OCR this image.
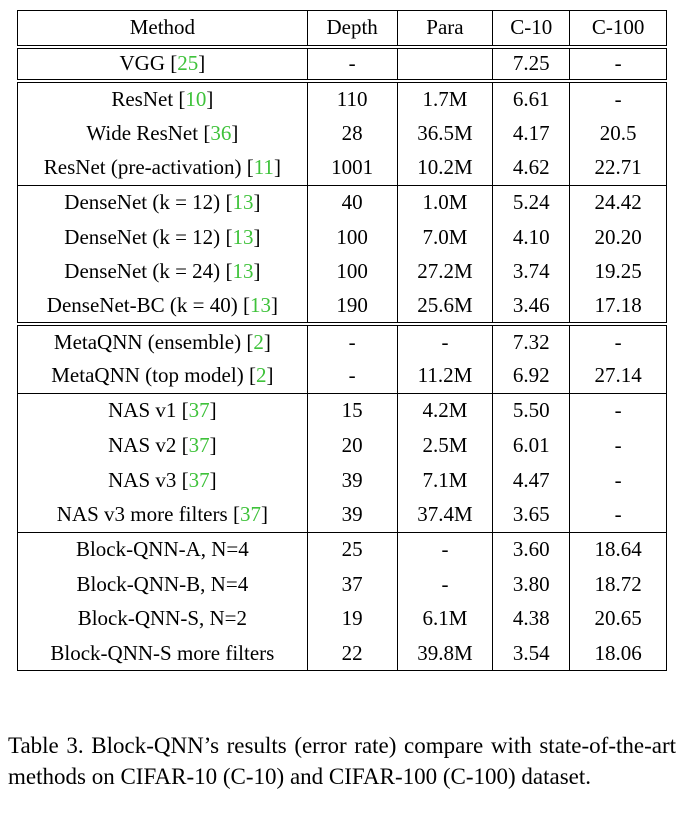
Method	Depth	Para	C-10	C-100
VGG [25]	-		7.25	-
ResNet [10]	110	1.7M	6.61	-
Wide ResNet [36]	28	36.5M	4.17	20.5
ResNet (pre-activation) [11]	1001	10.2M	4.62	22.71
DenseNet (k = 12) [13]	40	1.0M	5.24	24.42
DenseNet (k = 12) [13]	100	7.0M	4.10	20.20
DenseNet (k = 24) [13]	100	27.2M	3.74	19.25
DenseNet-BC (k = 40) [13]	190	25.6M	3.46	17.18
MetaQNN (ensemble) [2]	-	-	7.32	-
MetaQNN (top model) [2]	-	11.2M	6.92	27.14
NAS v1 [37]	15	4.2M	5.50	-
NAS v2 [37]	20	2.5M	6.01	-
NAS v3 [37]	39	7.1M	4.47	-
NAS v3 more filters [37]	39	37.4M	3.65	-
Block-QNN-A, N=4	25	-	3.60	18.64
Block-QNN-B, N=4	37	-	3.80	18.72
Block-QNN-S, N=2	19	6.1M	4.38	20.65
Block-QNN-S more filters	22	39.8M	3.54	18.06

Table 3. Block-QNN’s results (error rate) compare with state-of-the-art methods on CIFAR-10 (C-10) and CIFAR-100 (C-100) dataset.
